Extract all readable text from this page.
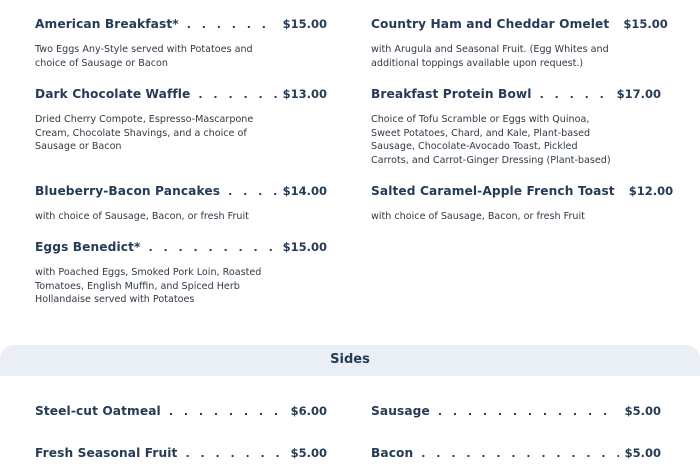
American Breakfast* . . .	$15.00
Two Eggs Any-Style served with Potatoes and
choice of Sausage or Bacon
Dark Chocolate Waffle . . .	$13.00
Dried Cherry Compote, Espresso-Mascarpone
Cream, Chocolate Shavings, and a choice of
Sausage or Bacon
Blueberry-Bacon Pancakes . . .	$14.00
with choice of Sausage, Bacon, or fresh Fruit
Eggs Benedict* . . .	$15.00
with Poached Eggs, Smoked Pork Loin, Roasted
Tomatoes, English Muffin, and Spiced Herb
Hollandaise served with Potatoes
Country Ham and Cheddar Omelet $15.00
with Arugula and Seasonal Fruit. (Egg Whites and
additional toppings available upon request.)
Breakfast Protein Bowl . . .	$17.00
Choice of Tofu Scramble or Eggs with Quinoa,
Sweet Potatoes, Chard, and Kale, Plant-based
Sausage, Chocolate-Avocado Toast, Pickled
Carrots, and Carrot-Ginger Dressing (Plant-based)
Salted Caramel-Apple French Toast $12.00
with choice of Sausage, Bacon, or fresh Fruit
Sides
Steel-cut Oatmeal . . .	$6.00
Fresh Seasonal Fruit . . .	$5.00
Sausage . . .	$5.00
Bacon . . .	$5.00
